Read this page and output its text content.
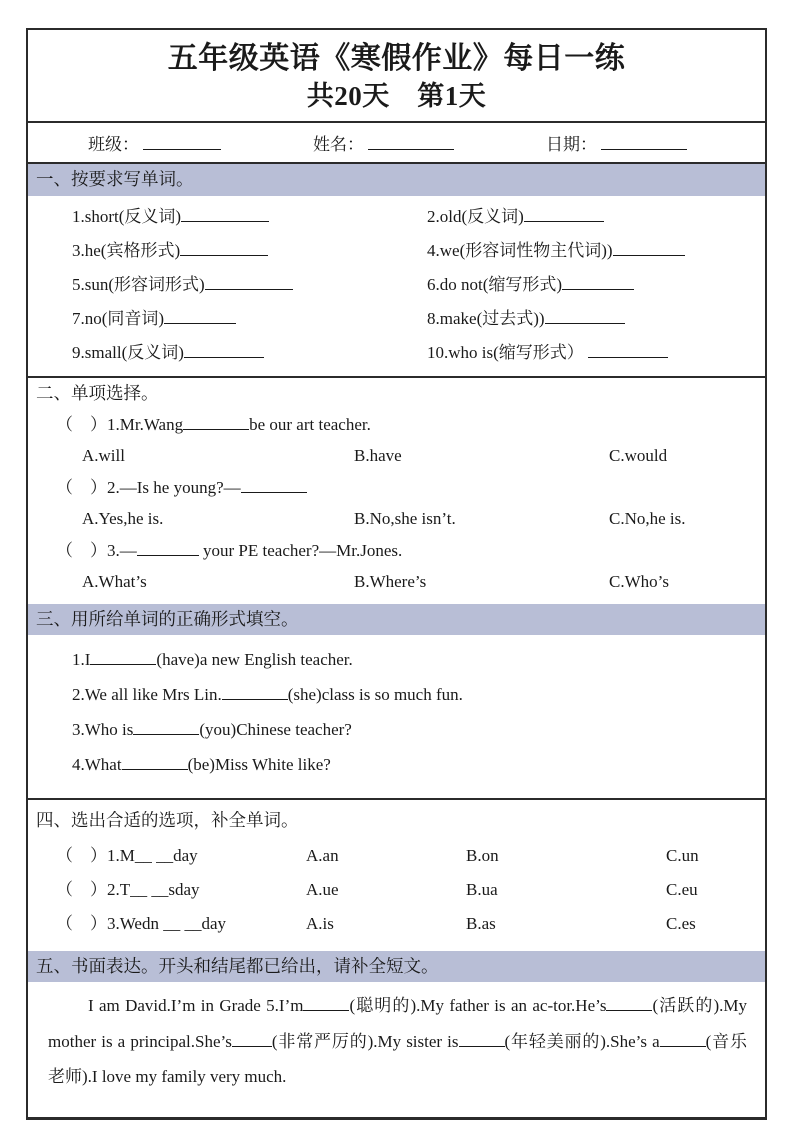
五年级英语《寒假作业》每日一练
共20天　第1天
班级：	姓名：	日期：
一、按要求写单词。
1.short(反义词)	2.old(反义词)
3.he(宾格形式)	4.we(形容词性物主代词))
5.sun(形容词形式)	6.do not(缩写形式)
7.no(同音词)	8.make(过去式))
9.small(反义词)	10.who is(缩写形式）
二、单项选择。
（　）1.Mr.Wang	be our art teacher.
A.will	B.have	C.would
（　）2.—Is he young?—
A.Yes,he is.	B.No,she isn’t.	C.No,he is.
（　）3.—	your PE teacher?—Mr.Jones.
A.What’s	B.Where’s	C.Who’s
三、用所给单词的正确形式填空。
1.I	(have)a new English teacher.
2.We all like Mrs Lin.	(she)class is so much fun.
3.Who is	(you)Chinese teacher?
4.What	(be)Miss White like?
四、选出合适的选项，补全单词。
（　）1.M__ __day	A.an	B.on	C.un
（　）2.T__ __sday	A.ue	B.ua	C.eu
（　）3.Wedn __ __day	A.is	B.as	C.es
五、书面表达。开头和结尾都已给出，请补全短文。
I am David.I’m in Grade 5.I’m	(聪明的).My father is an ac-tor.He’s	(活跃的).My mother is a principal.She’s (非常严厉的).My sister is	(年轻美丽的).She’s a	(音乐老师).I love my family very much.
